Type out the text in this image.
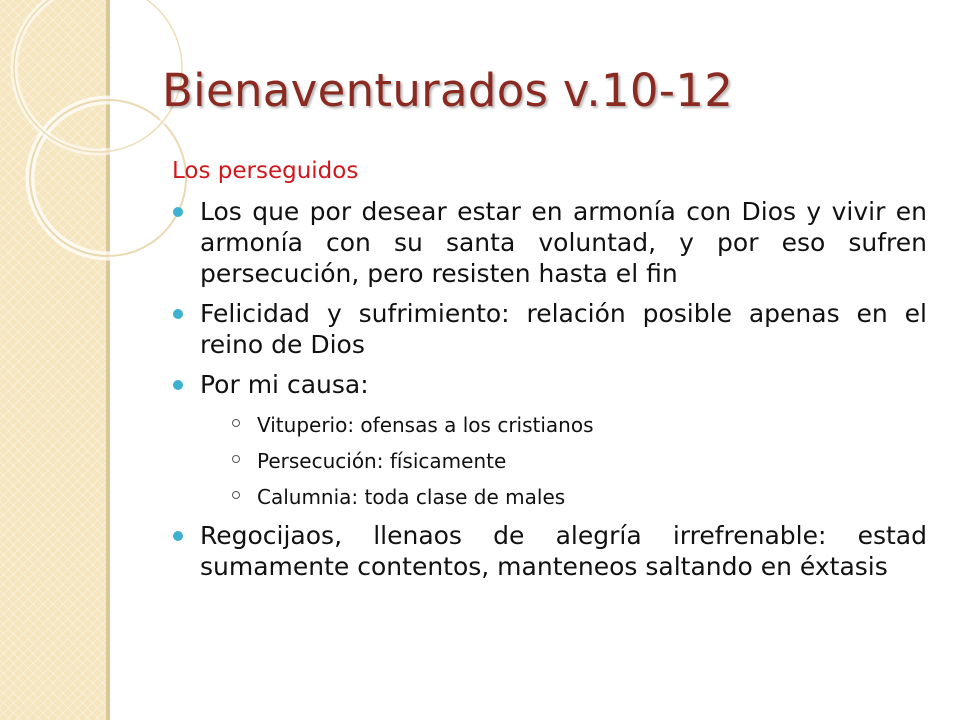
Bienaventurados v.10-12

Los perseguidos

Los que por desear estar en armonía con Dios y vivir en armonía con su santa voluntad, y por eso sufren persecución, pero resisten hasta el fin
Felicidad y sufrimiento: relación posible apenas en el reino de Dios
Por mi causa:
Vituperio: ofensas a los cristianos
Persecución: físicamente
Calumnia: toda clase de males
Regocijaos, llenaos de alegría irrefrenable: estad sumamente contentos, manteneos saltando en éxtasis
